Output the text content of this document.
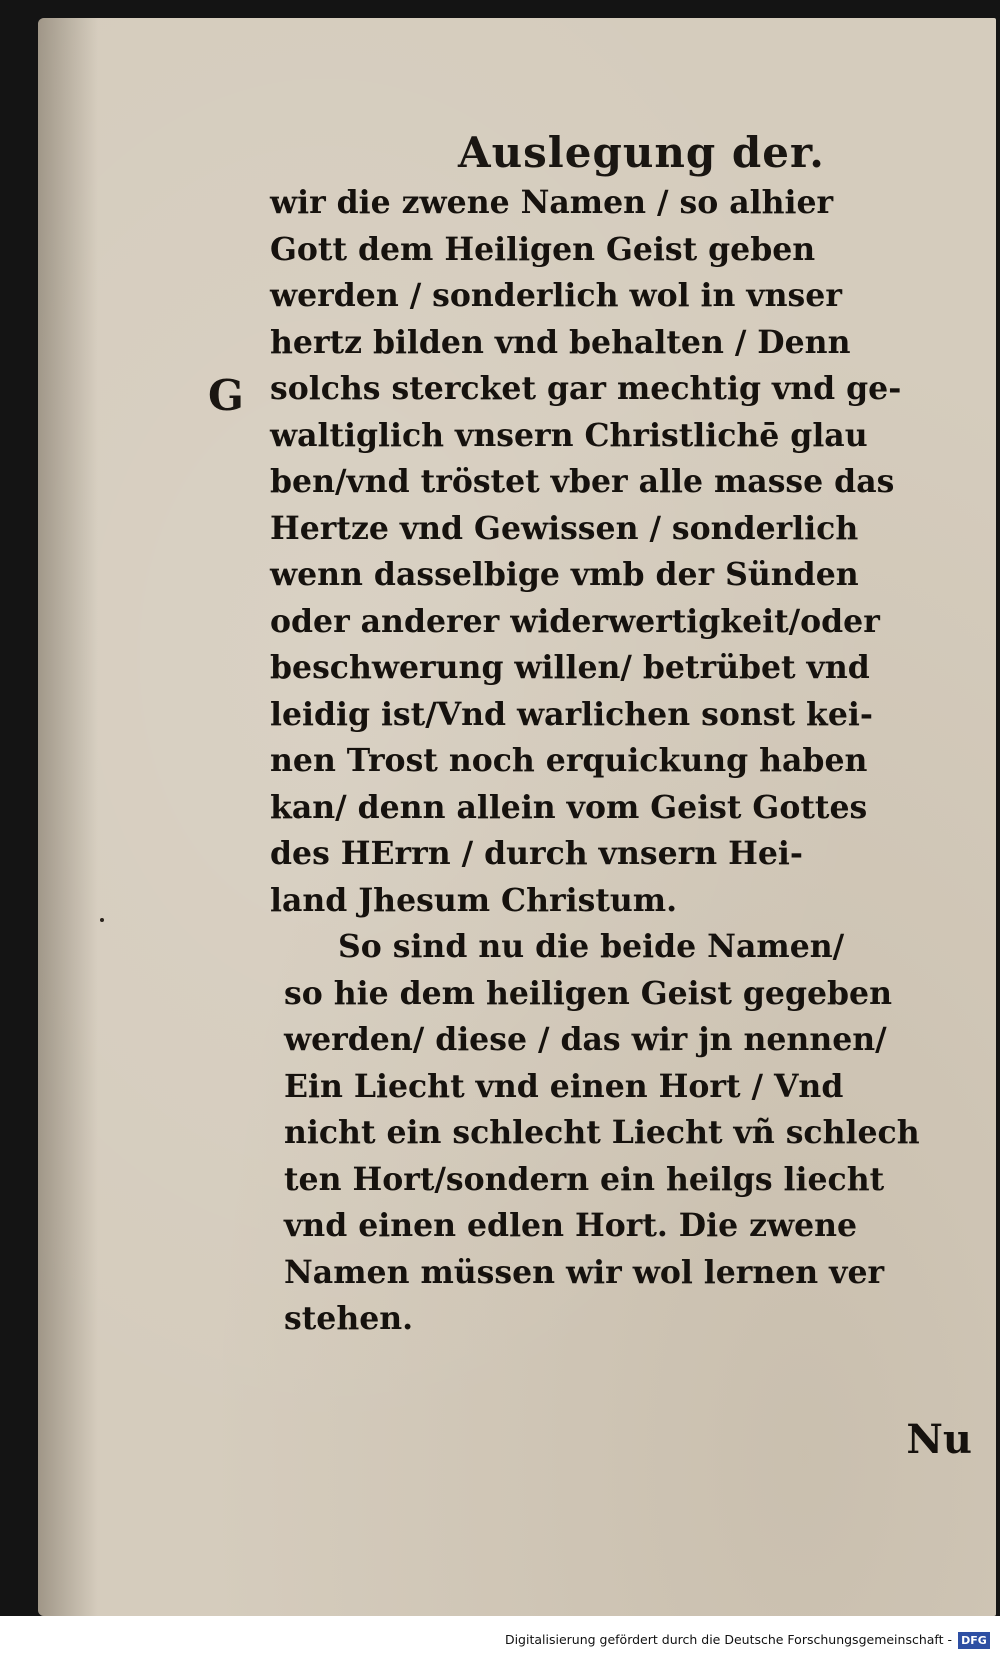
Auslegung der.
G
wir die zwene Namen / so alhier
Gott dem Heiligen Geist geben
werden / sonderlich wol in vnser
hertz bilden vnd behalten / Denn
solchs stercket gar mechtig vnd ge-
waltiglich vnsern Christlichē glau
ben/vnd tröstet vber alle masse das
Hertze vnd Gewissen / sonderlich
wenn dasselbige vmb der Sünden
oder anderer widerwertigkeit/oder
beschwerung willen/ betrübet vnd
leidig ist/Vnd warlichen sonst kei-
nen Trost noch erquickung haben
kan/ denn allein vom Geist Gottes
des HErrn / durch vnsern Hei-
land Jhesum Christum.
So sind nu die beide Namen/
so hie dem heiligen Geist gegeben
werden/ diese / das wir jn nennen/
Ein Liecht vnd einen Hort / Vnd
nicht ein schlecht Liecht vñ schlech
ten Hort/sondern ein heilgs liecht
vnd einen edlen Hort. Die zwene
Namen müssen wir wol lernen ver
stehen.
Nu
Digitalisierung gefördert durch die Deutsche Forschungsgemeinschaft - DFG
